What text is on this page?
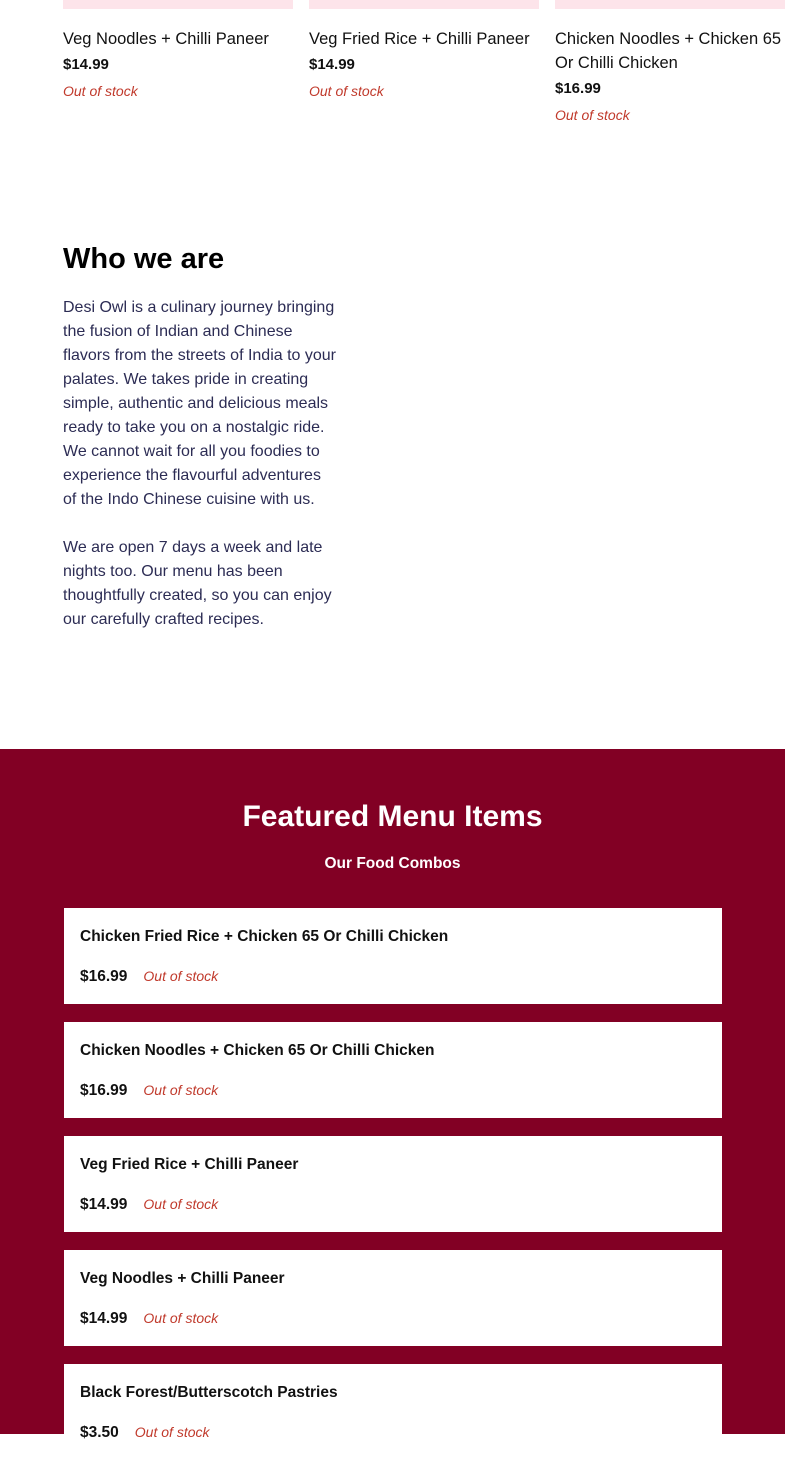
Veg Noodles + Chilli Paneer
$14.99
Out of stock
Veg Fried Rice + Chilli Paneer
$14.99
Out of stock
Chicken Noodles + Chicken 65 Or Chilli Chicken
$16.99
Out of stock
Who we are

Desi Owl is a culinary journey bringing the fusion of Indian and Chinese flavors from the streets of India to your palates. We takes pride in creating simple, authentic and delicious meals ready to take you on a nostalgic ride. We cannot wait for all you foodies to experience the flavourful adventures of the Indo Chinese cuisine with us.

We are open 7 days a week and late nights too. Our menu has been thoughtfully created, so you can enjoy our carefully crafted recipes.

Featured Menu Items
Our Food Combos
Chicken Fried Rice + Chicken 65 Or Chilli Chicken
$16.99 Out of stock
Chicken Noodles + Chicken 65 Or Chilli Chicken
$16.99 Out of stock
Veg Fried Rice + Chilli Paneer
$14.99 Out of stock
Veg Noodles + Chilli Paneer
$14.99 Out of stock
Black Forest/Butterscotch Pastries
$3.50 Out of stock
